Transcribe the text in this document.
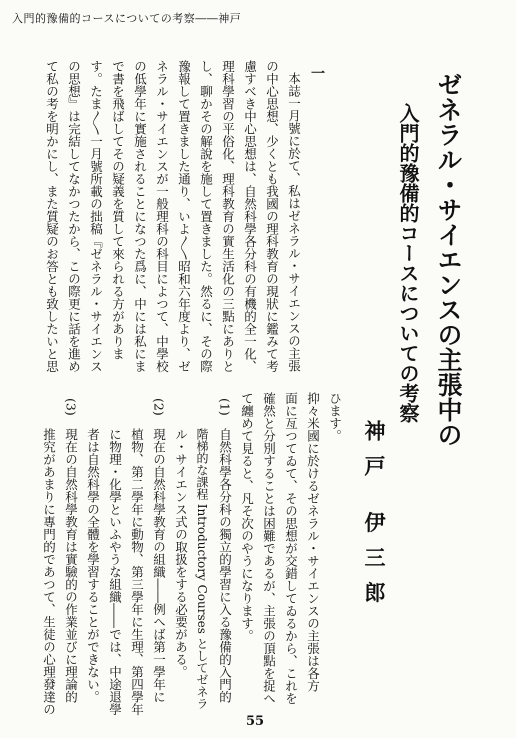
入門的豫備的コースについての考察――神戸
ゼネラル・サイエンスの主張中の
入門的豫備的コースについての考察
神戸 伊三郎
一
本誌一月號に於て、私はゼネラル・サイエンスの主張
の中心思想、少くとも我國の理科教育の現狀に鑑みて考
慮すべき中心思想は、自然科學各分科の有機的全一化、
理科學習の平俗化、理科教育の實生活化の三點にありと
し、聊かその解說を施して置きました。然るに、その際
豫報して置きました通り、いよ〳〵昭和六年度より、ゼ
ネラル・サイエンスが一般理科の科目によつて、中學校
の低學年に實施されることになつた爲に、中には私にま
で書を飛ばしてその疑義を質して來られる方がありま
す。たま〳〵一月號所載の拙稿『ゼネラル・サイエンス
の思想』は完結してなかつたから、この際更に話を進め
て私の考を明かにし、また質疑のお答とも致したいと思
ひます。
抑々米國に於けるゼネラル・サイエンスの主張は各方
面に亙つてゐて、その思想が交錯してゐるから、これを
確然と分別することは困難であるが、主張の頂點を捉へ
て纏めて見ると、凡そ次のやうになります。
(1)　自然科學各分科の獨立的學習に入る豫備的入門的
階梯的な課程 Introductory Courses としてゼネラ
ル・サイエンス式の取扱をする必要がある。
(2)　現在の自然科學教育の組織――例へば第一學年に
植物、第二學年に動物、第三學年に生理、第四學年
に物理・化學といふやうな組織――では、中途退學
者は自然科學の全體を學習することができない。
(3)　現在の自然科學教育は實驗的の作業並びに理論的
推究があまりに專門的であつて、生徒の心理發達の
55
